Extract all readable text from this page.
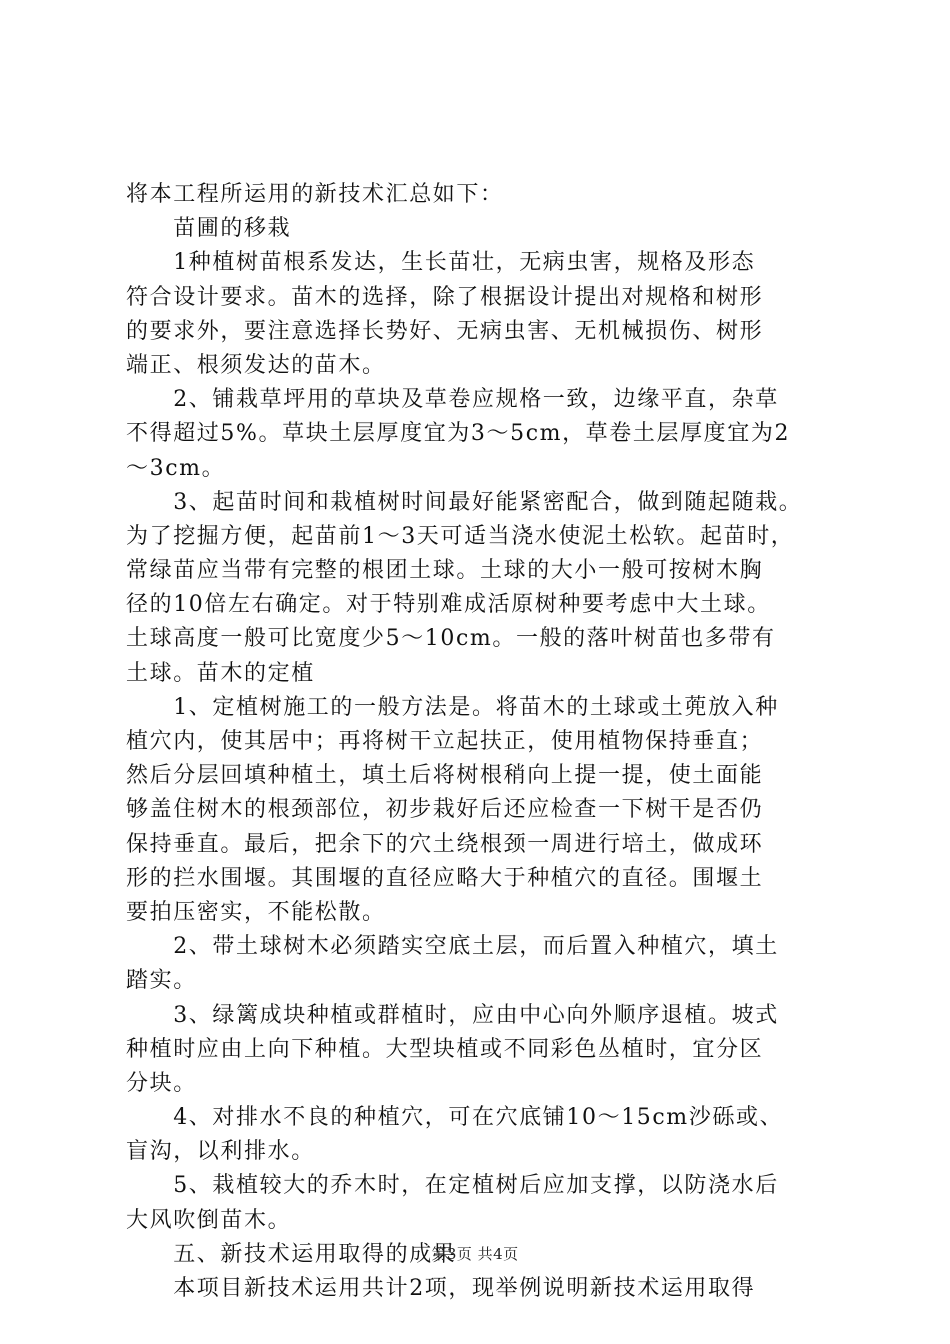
将本工程所运用的新技术汇总如下：
　　苗圃的移栽
　　1种植树苗根系发达，生长苗壮，无病虫害，规格及形态
符合设计要求。苗木的选择，除了根据设计提出对规格和树形
的要求外，要注意选择长势好、无病虫害、无机械损伤、树形
端正、根须发达的苗木。
　　2、铺栽草坪用的草块及草卷应规格一致，边缘平直，杂草
不得超过5%。草块土层厚度宜为3～5cm，草卷土层厚度宜为2
～3cm。
　　3、起苗时间和栽植树时间最好能紧密配合，做到随起随栽。
为了挖掘方便，起苗前1～3天可适当浇水使泥土松软。起苗时，
常绿苗应当带有完整的根团土球。土球的大小一般可按树木胸
径的10倍左右确定。对于特别难成活原树种要考虑中大土球。
土球高度一般可比宽度少5～10cm。一般的落叶树苗也多带有
土球。苗木的定植
　　1、定植树施工的一般方法是。将苗木的土球或土蔸放入种
植穴内，使其居中；再将树干立起扶正，使用植物保持垂直；
然后分层回填种植土，填土后将树根稍向上提一提，使土面能
够盖住树木的根颈部位，初步栽好后还应检查一下树干是否仍
保持垂直。最后，把余下的穴土绕根颈一周进行培土，做成环
形的拦水围堰。其围堰的直径应略大于种植穴的直径。围堰土
要拍压密实，不能松散。
　　2、带土球树木必须踏实空底土层，而后置入种植穴，填土
踏实。
　　3、绿篱成块种植或群植时，应由中心向外顺序退植。坡式
种植时应由上向下种植。大型块植或不同彩色丛植时，宜分区
分块。
　　4、对排水不良的种植穴，可在穴底铺10～15cm沙砾或、
盲沟，以利排水。
　　5、栽植较大的乔木时，在定植树后应加支撑，以防浇水后
大风吹倒苗木。
　　五、新技术运用取得的成果
　　本项目新技术运用共计2项，现举例说明新技术运用取得
第3页 共4页
